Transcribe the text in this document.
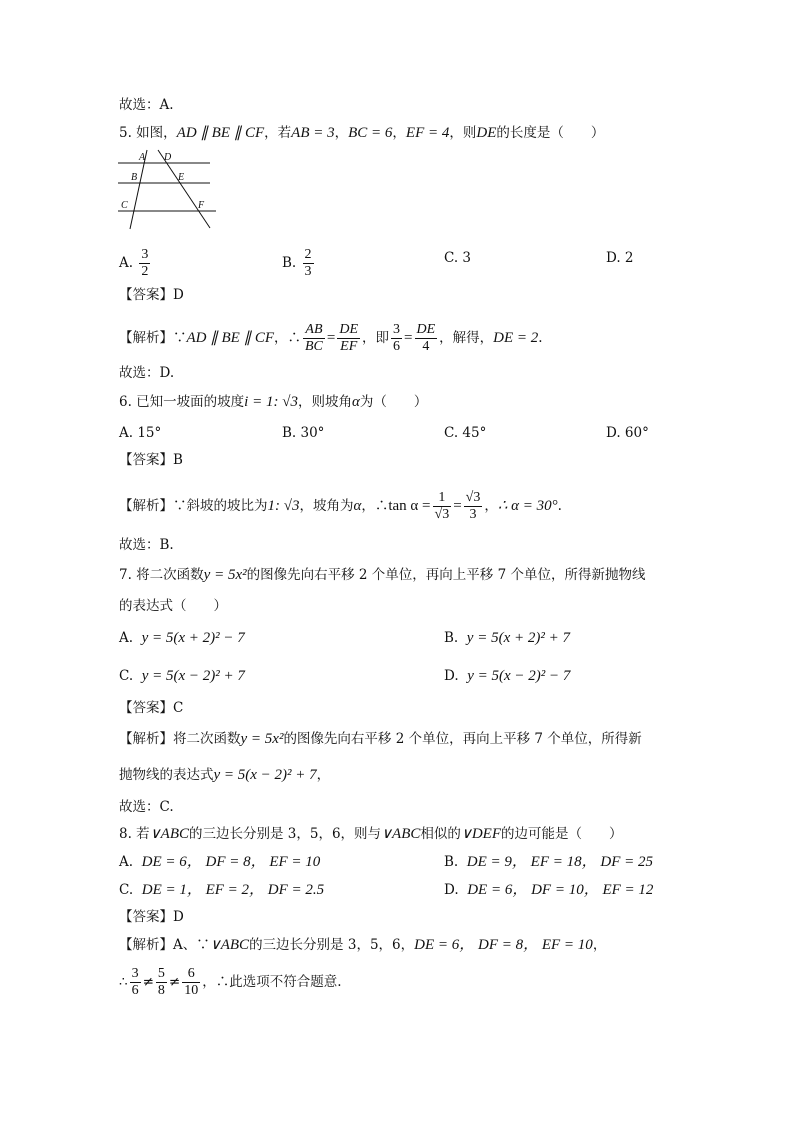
故选：A.
5. 如图，AD ∥ BE ∥ CF，若AB = 3，BC = 6，EF = 4，则DE的长度是（　　）
A D
B	E
C	F
A. $\frac{3}{2}$	B. $\frac{2}{3}$	C. 3	D. 2
【答案】D
【解析】∵AD ∥ BE ∥ CF，∴ $\frac{AB}{BC} = \frac{DE}{EF}$ ，即 $\frac{3}{6} = \frac{DE}{4}$ ，解得，DE = 2.
故选：D.
6. 已知一坡面的坡度i = 1: √3，则坡角α为（　　）
A. 15°	B. 30°	C. 45°	D. 60°
【答案】B
【解析】∵斜坡的坡比为1: √3，坡角为α，∴tan $\alpha = \frac{1}{√3} = \frac{√3}{3}$ ，∴ α = 30°.
故选：B.
7. 将二次函数y = 5x²的图像先向右平移 2 个单位，再向上平移 7 个单位，所得新抛物线
的表达式（　　）
A.  y = 5(x + 2)² − 7	B.  y = 5(x + 2)² + 7
C.  y = 5(x − 2)² + 7	D.  y = 5(x − 2)² − 7
【答案】C
【解析】将二次函数y = 5x²的图像先向右平移 2 个单位，再向上平移 7 个单位，所得新
抛物线的表达式y = 5(x − 2)² + 7，
故选：C.
8. 若∨ABC的三边长分别是 3，5，6，则与∨ABC相似的∨DEF的边可能是（　　）
A.  DE = 6， DF = 8， EF = 10	B.  DE = 9， EF = 18， DF = 25
C.  DE = 1， EF = 2， DF = 2.5	D.  DE = 6， DF = 10， EF = 12
【答案】D
【解析】A、∵∨ABC的三边长分别是 3，5，6，DE = 6， DF = 8， EF = 10，
∴ $\frac{3}{6} \ne \frac{5}{8} \ne \frac{6}{10}$ ，∴此选项不符合题意.
